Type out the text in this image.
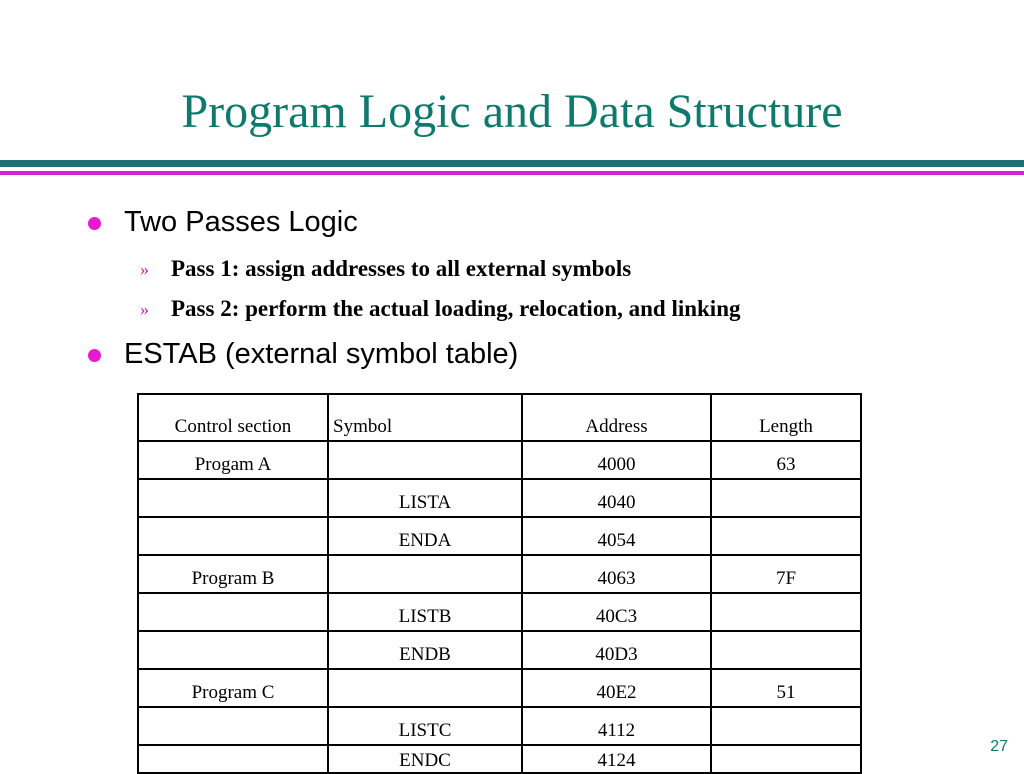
Program Logic and Data Structure
Two Passes Logic
» Pass 1: assign addresses to all external symbols
» Pass 2: perform the actual loading, relocation, and linking
ESTAB (external symbol table)
Control section	Symbol	Address	Length
Progam A		4000	63
	LISTA	4040	
	ENDA	4054	
Program B		4063	7F
	LISTB	40C3	
	ENDB	40D3	
Program C		40E2	51
	LISTC	4112	
	ENDC	4124	
27
